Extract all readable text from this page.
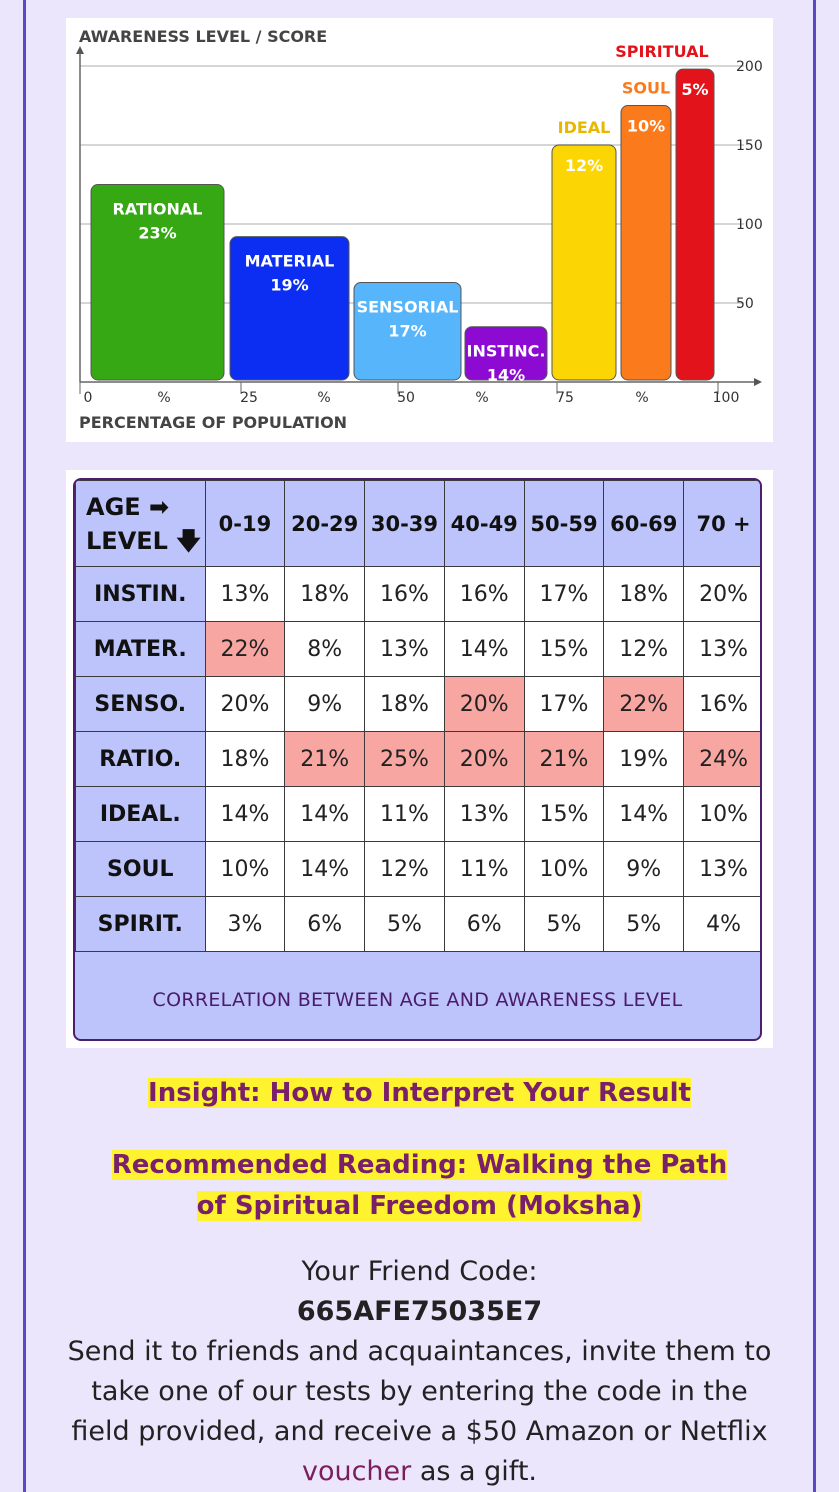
50
100
150
200
AWARENESS LEVEL / SCORE
PERCENTAGE OF POPULATION
0	%	25	%	50	%	75	%	100
RATIONAL
23%
MATERIAL
19%
SENSORIAL
17%
INSTINC.
14%
IDEAL
12%
SOUL
10%
SPIRITUAL
5%
AGE ➡
LEVEL 🡇	0-19	20-29	30-39	40-49	50-59	60-69	70 +
INSTIN.	13%	18%	16%	16%	17%	18%	20%
MATER.	22%	8%	13%	14%	15%	12%	13%
SENSO.	20%	9%	18%	20%	17%	22%	16%
RATIO.	18%	21%	25%	20%	21%	19%	24%
IDEAL.	14%	14%	11%	13%	15%	14%	10%
SOUL	10%	14%	12%	11%	10%	9%	13%
SPIRIT.	3%	6%	5%	6%	5%	5%	4%
CORRELATION BETWEEN AGE AND AWARENESS LEVEL
Insight: How to Interpret Your Result
Recommended Reading: Walking the Path of Spiritual Freedom (Moksha)
Your Friend Code:
665AFE75035E7
Send it to friends and acquaintances, invite them to take one of our tests by entering the code in the field provided, and receive a $50 Amazon or Netflix voucher as a gift.
